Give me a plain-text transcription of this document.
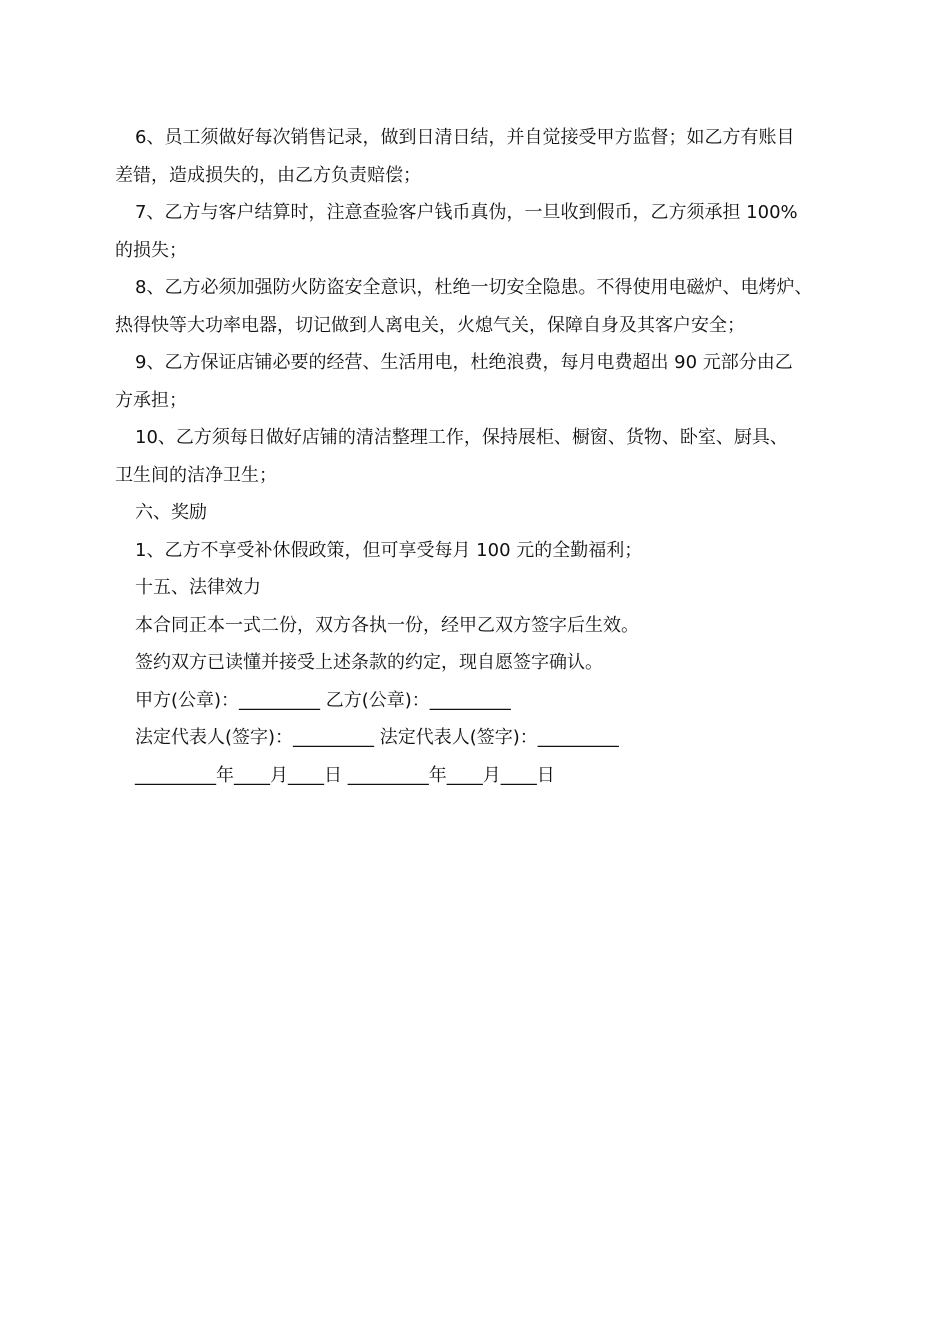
6、员工须做好每次销售记录，做到日清日结，并自觉接受甲方监督；如乙方有账目

差错，造成损失的，由乙方负责赔偿；

7、乙方与客户结算时，注意查验客户钱币真伪，一旦收到假币，乙方须承担 100%

的损失；

8、乙方必须加强防火防盗安全意识，杜绝一切安全隐患。不得使用电磁炉、电烤炉、

热得快等大功率电器，切记做到人离电关，火熄气关，保障自身及其客户安全；

9、乙方保证店铺必要的经营、生活用电，杜绝浪费，每月电费超出 90 元部分由乙

方承担；

10、乙方须每日做好店铺的清洁整理工作，保持展柜、橱窗、货物、卧室、厨具、

卫生间的洁净卫生；

六、奖励

1、乙方不享受补休假政策，但可享受每月 100 元的全勤福利；

十五、法律效力

本合同正本一式二份，双方各执一份，经甲乙双方签字后生效。

签约双方已读懂并接受上述条款的约定，现自愿签字确认。

甲方(公章)：_________ 乙方(公章)：_________

法定代表人(签字)：_________ 法定代表人(签字)：_________

_________年____月____日 _________年____月____日
